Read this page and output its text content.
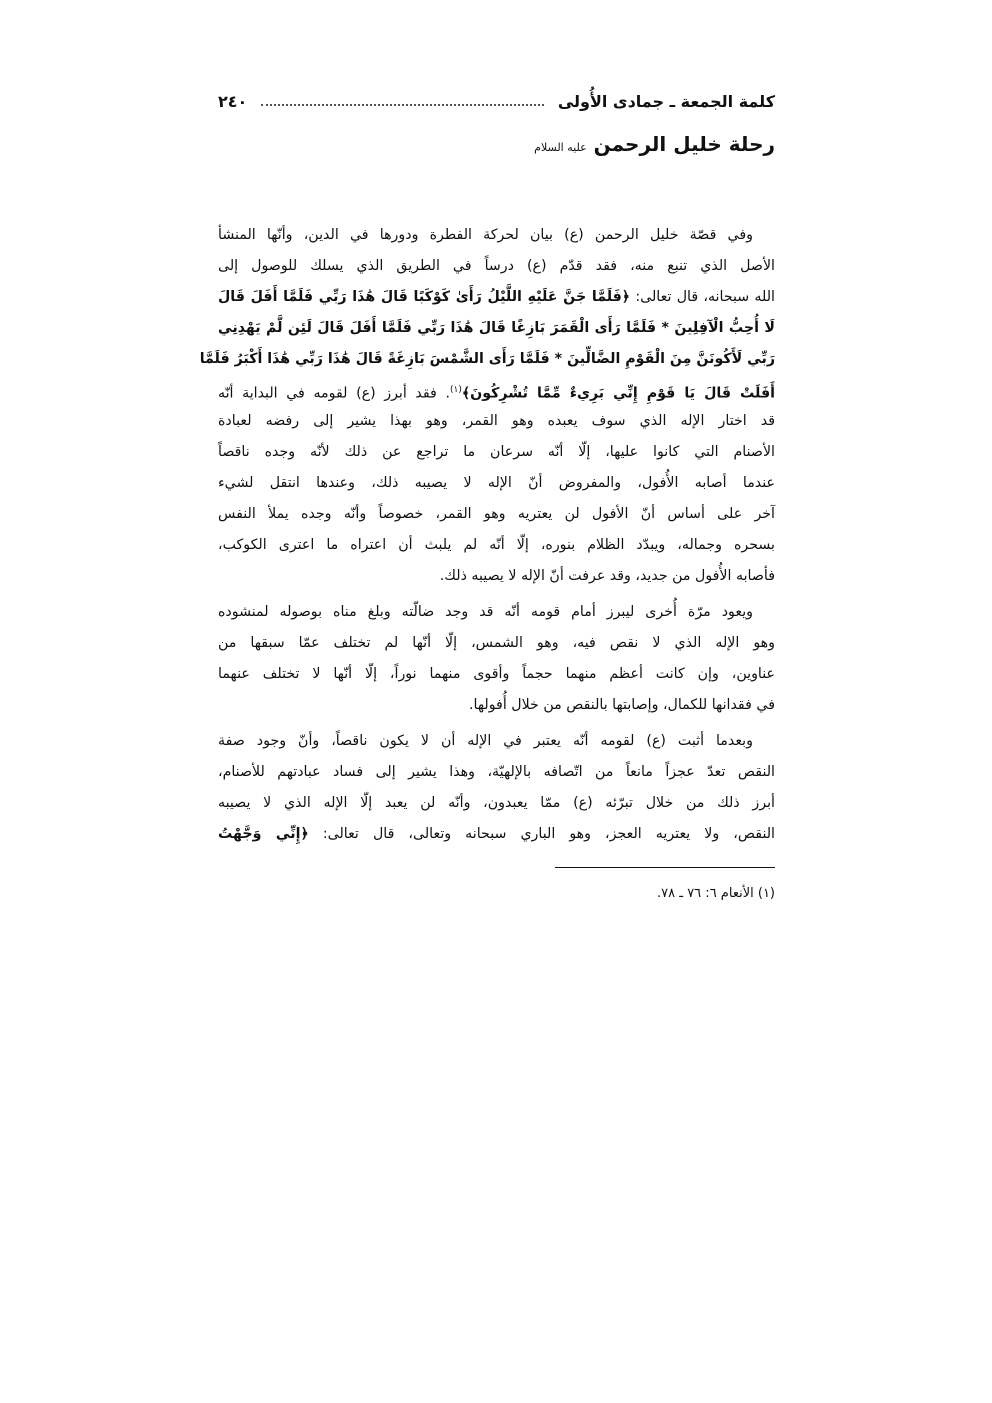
كلمة الجمعة ـ جمادى الأُولى
٢٤٠
رحلة خليل الرحمن عليه السلام
وفي قصّة خليل الرحمن (ع) بيان لحركة الفطرة ودورها في الدين، وأنّها المنشأ
الأصل الذي تنبع منه، فقد قدّم (ع) درساً في الطريق الذي يسلك للوصول إلى
الله سبحانه، قال تعالى: ﴿فَلَمَّا جَنَّ عَلَيْهِ اللَّيْلُ رَأَىٰ كَوْكَبًا قَالَ هَٰذَا رَبِّي فَلَمَّا أَفَلَ قَالَ
لَا أُحِبُّ الْآفِلِينَ * فَلَمَّا رَأَى الْقَمَرَ بَازِغًا قَالَ هَٰذَا رَبِّي فَلَمَّا أَفَلَ قَالَ لَئِن لَّمْ يَهْدِنِي
رَبِّي لَأَكُونَنَّ مِنَ الْقَوْمِ الضَّالِّينَ * فَلَمَّا رَأَى الشَّمْسَ بَازِغَةً قَالَ هَٰذَا رَبِّي هَٰذَا أَكْبَرُ فَلَمَّا
أَفَلَتْ قَالَ يَا قَوْمِ إِنِّي بَرِيءٌ مِّمَّا تُشْرِكُونَ﴾$^{(١)}$. فقد أبرز (ع) لقومه في البداية أنّه
قد اختار الإله الذي سوف يعبده وهو القمر، وهو بهذا يشير إلى رفضه لعبادة
الأصنام التي كانوا عليها، إلّا أنّه سرعان ما تراجع عن ذلك لأنّه وجده ناقصاً
عندما أصابه الأُفول، والمفروض أنّ الإله لا يصيبه ذلك، وعندها انتقل لشيء
آخر على أساس أنّ الأفول لن يعتريه وهو القمر، خصوصاً وأنّه وجده يملأ النفس
بسحره وجماله، ويبدّد الظلام بنوره، إلّا أنّه لم يلبث أن اعتراه ما اعترى الكوكب،
فأصابه الأُفول من جديد، وقد عرفت أنّ الإله لا يصيبه ذلك.
ويعود مرّة أُخرى ليبرز أمام قومه أنّه قد وجد ضالّته وبلغ مناه بوصوله لمنشوده
وهو الإله الذي لا نقص فيه، وهو الشمس، إلّا أنّها لم تختلف عمّا سبقها من
عناوين، وإن كانت أعظم منهما حجماً وأقوى منهما نوراً، إلّا أنّها لا تختلف عنهما
في فقدانها للكمال، وإصابتها بالنقص من خلال أُفولها.
وبعدما أثبت (ع) لقومه أنّه يعتبر في الإله أن لا يكون ناقصاً، وأنّ وجود صفة
النقص تعدّ عجزاً مانعاً من اتّصافه بالإلهيّة، وهذا يشير إلى فساد عبادتهم للأصنام،
أبرز ذلك من خلال تبرّئه (ع) ممّا يعبدون، وأنّه لن يعبد إلّا الإله الذي لا يصيبه
النقص، ولا يعتريه العجز، وهو الباري سبحانه وتعالى، قال تعالى: ﴿إِنِّي وَجَّهْتُ
(١) الأنعام ٦: ٧٦ ـ ٧٨.
